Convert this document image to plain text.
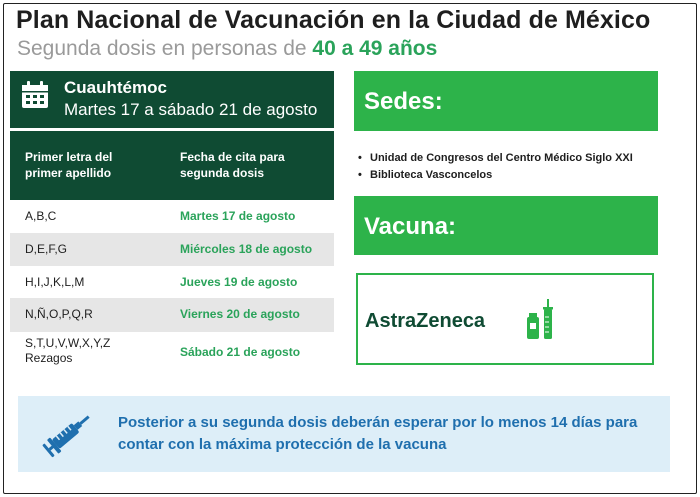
Plan Nacional de Vacunación en la Ciudad de México
Segunda dosis en personas de 40 a 49 años
Cuauhtémoc
Martes 17 a sábado 21 de agosto
Primer letra del primer apellido
Fecha de cita para segunda dosis
A,B,C	Martes 17 de agosto
D,E,F,G	Miércoles 18 de agosto
H,I,J,K,L,M	Jueves 19 de agosto
N,Ñ,O,P,Q,R	Viernes 20 de agosto
S,T,U,V,W,X,Y,Z
Rezagos	Sábado 21 de agosto
Sedes:
• Unidad de Congresos del Centro Médico Siglo XXI
• Biblioteca Vasconcelos
Vacuna:
AstraZeneca
Posterior a su segunda dosis deberán esperar por lo menos 14 días para contar con la máxima protección de la vacuna
